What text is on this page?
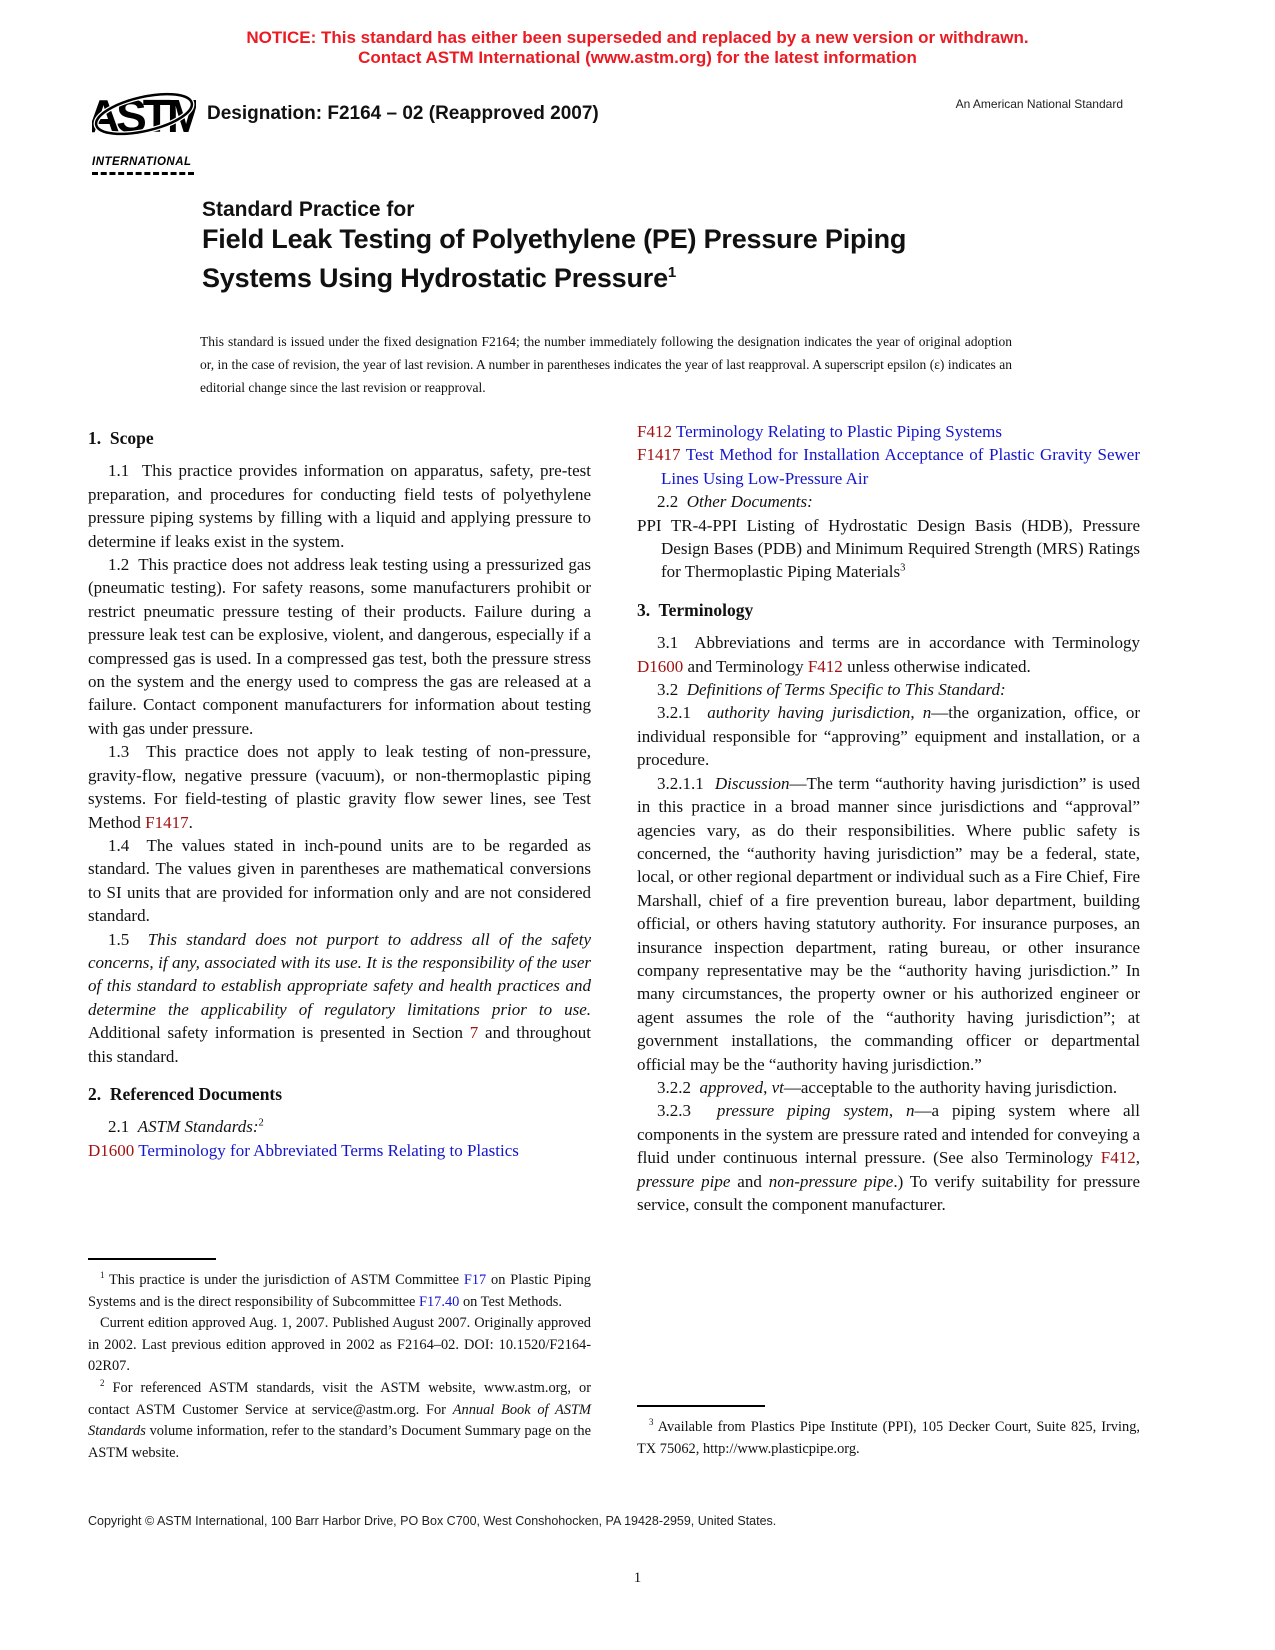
NOTICE: This standard has either been superseded and replaced by a new version or withdrawn.
Contact ASTM International (www.astm.org) for the latest information
ASTM
INTERNATIONAL
Designation: F2164 – 02 (Reapproved 2007)	An American National Standard
Standard Practice for
Field Leak Testing of Polyethylene (PE) Pressure Piping
Systems Using Hydrostatic Pressure$^1$
This standard is issued under the fixed designation F2164; the number immediately following the designation indicates the year of original adoption or, in the case of revision, the year of last revision. A number in parentheses indicates the year of last reapproval. A superscript epsilon (ε) indicates an editorial change since the last revision or reapproval.
1.  Scope
1.1  This practice provides information on apparatus, safety, pre-test preparation, and procedures for conducting field tests of polyethylene pressure piping systems by filling with a liquid and applying pressure to determine if leaks exist in the system.
1.2  This practice does not address leak testing using a pressurized gas (pneumatic testing). For safety reasons, some manufacturers prohibit or restrict pneumatic pressure testing of their products. Failure during a pressure leak test can be explosive, violent, and dangerous, especially if a compressed gas is used. In a compressed gas test, both the pressure stress on the system and the energy used to compress the gas are released at a failure. Contact component manufacturers for information about testing with gas under pressure.
1.3  This practice does not apply to leak testing of non-pressure, gravity-flow, negative pressure (vacuum), or non-thermoplastic piping systems. For field-testing of plastic gravity flow sewer lines, see Test Method F1417.
1.4  The values stated in inch-pound units are to be regarded as standard. The values given in parentheses are mathematical conversions to SI units that are provided for information only and are not considered standard.
1.5  This standard does not purport to address all of the safety concerns, if any, associated with its use. It is the responsibility of the user of this standard to establish appropriate safety and health practices and determine the applicability of regulatory limitations prior to use. Additional safety information is presented in Section 7 and throughout this standard.
2.  Referenced Documents
2.1  ASTM Standards:$^2$
D1600 Terminology for Abbreviated Terms Relating to Plastics
F412 Terminology Relating to Plastic Piping Systems
F1417 Test Method for Installation Acceptance of Plastic Gravity Sewer Lines Using Low-Pressure Air
2.2  Other Documents:
PPI TR-4-PPI Listing of Hydrostatic Design Basis (HDB), Pressure Design Bases (PDB) and Minimum Required Strength (MRS) Ratings for Thermoplastic Piping Materials$^3$
3.  Terminology
3.1  Abbreviations and terms are in accordance with Terminology D1600 and Terminology F412 unless otherwise indicated.
3.2  Definitions of Terms Specific to This Standard:
3.2.1  authority having jurisdiction, n—the organization, office, or individual responsible for “approving” equipment and installation, or a procedure.
3.2.1.1  Discussion—The term “authority having jurisdiction” is used in this practice in a broad manner since jurisdictions and “approval” agencies vary, as do their responsibilities. Where public safety is concerned, the “authority having jurisdiction” may be a federal, state, local, or other regional department or individual such as a Fire Chief, Fire Marshall, chief of a fire prevention bureau, labor department, building official, or others having statutory authority. For insurance purposes, an insurance inspection department, rating bureau, or other insurance company representative may be the “authority having jurisdiction.” In many circumstances, the property owner or his authorized engineer or agent assumes the role of the “authority having jurisdiction”; at government installations, the commanding officer or departmental official may be the “authority having jurisdiction.”
3.2.2  approved, vt—acceptable to the authority having jurisdiction.
3.2.3  pressure piping system, n—a piping system where all components in the system are pressure rated and intended for conveying a fluid under continuous internal pressure. (See also Terminology F412, pressure pipe and non-pressure pipe.) To verify suitability for pressure service, consult the component manufacturer.
$^1$ This practice is under the jurisdiction of ASTM Committee F17 on Plastic Piping Systems and is the direct responsibility of Subcommittee F17.40 on Test Methods.
Current edition approved Aug. 1, 2007. Published August 2007. Originally approved in 2002. Last previous edition approved in 2002 as F2164–02. DOI: 10.1520/F2164-02R07.
$^2$ For referenced ASTM standards, visit the ASTM website, www.astm.org, or contact ASTM Customer Service at service@astm.org. For Annual Book of ASTM Standards volume information, refer to the standard’s Document Summary page on the ASTM website.
$^3$ Available from Plastics Pipe Institute (PPI), 105 Decker Court, Suite 825, Irving, TX 75062, http://www.plasticpipe.org.
Copyright © ASTM International, 100 Barr Harbor Drive, PO Box C700, West Conshohocken, PA 19428-2959, United States.
1
